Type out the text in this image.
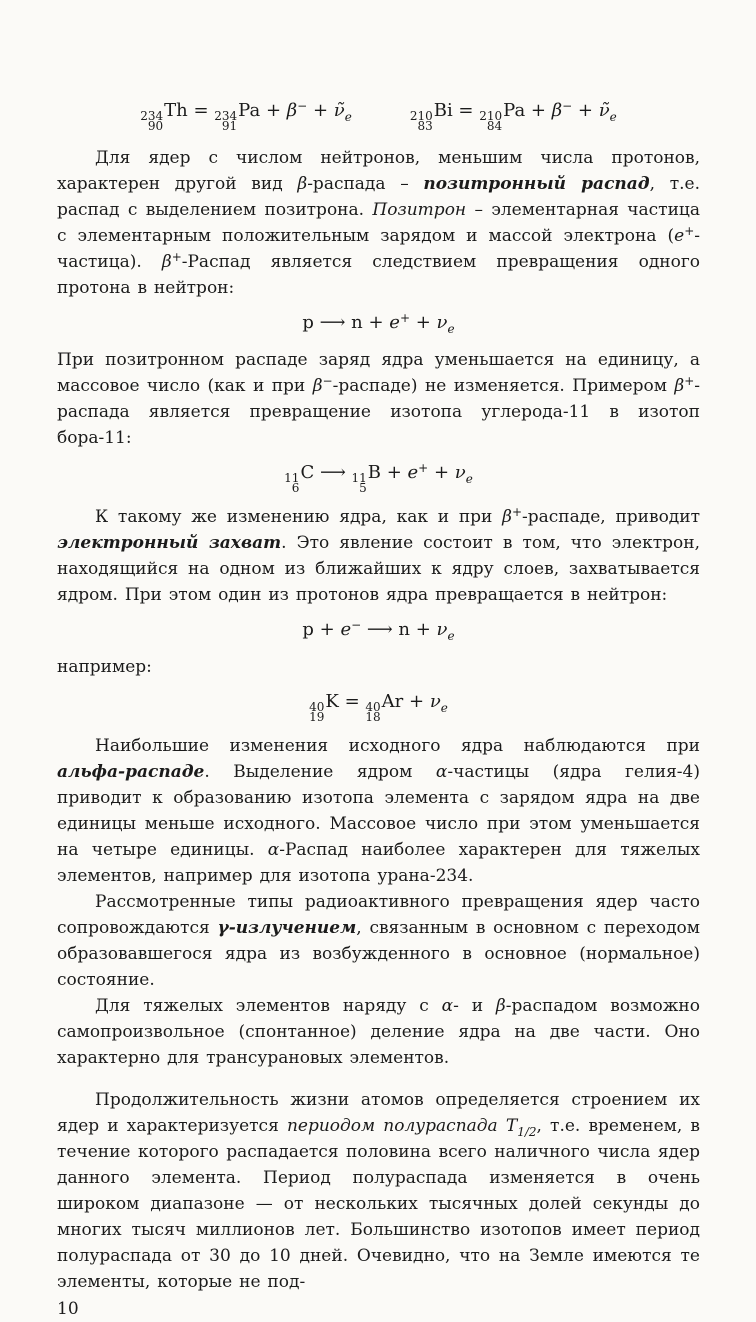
234
90
Th = 234
91
$Pa + \beta^- + \nũ_e$	210
83
Bi = 210
84
$Pa + \beta^- + \nũ_e$

Для ядер с числом нейтронов, меньшим числа протонов, характерен другой вид β-распада – позитронный распад, т.е. распад с выделением позитрона. Позитрон – элементарная частица с элементарным положительным зарядом и массой электрона (e+-частица). β+-Распад является следствием превращения одного протона в нейтрон:

p ⟶ $n + e^+ + \nu_e$

При позитронном распаде заряд ядра уменьшается на единицу, а массовое число (как и при β−-распаде) не изменяется. Примером β+-распада является превращение изотопа углерода-11 в изотоп бора-11:

11
6
C ⟶ 11
5
$B + e^+ + \nu_e$

К такому же изменению ядра, как и при β+-распаде, приводит электронный захват. Это явление состоит в том, что электрон, находящийся на одном из ближайших к ядру слоев, захватывается ядром. При этом один из протонов ядра превращается в нейтрон:

p + e− ⟶ $n + \nu_e$
например:
40
19
K = 40
18
$Ar + \nu_e$

Наибольшие изменения исходного ядра наблюдаются при альфа-распаде. Выделение ядром α-частицы (ядра гелия-4) приводит к образованию изотопа элемента с зарядом ядра на две единицы меньше исходного. Массовое число при этом уменьшается на четыре единицы. α-Распад наиболее характерен для тяжелых элементов, например для изотопа урана-234.

Рассмотренные типы радиоактивного превращения ядер часто сопровождаются γ-излучением, связанным в основном с переходом образовавшегося ядра из возбужденного в основное (нормальное) состояние.

Для тяжелых элементов наряду с α- и β-распадом возможно самопроизвольное (спонтанное) деление ядра на две части. Оно характерно для трансурановых элементов.

Продолжительность жизни атомов определяется строением их ядер и характеризуется периодом полураспада $T_{1/2}$, т.е. временем, в течение которого распадается половина всего наличного числа ядер данного элемента. Период полураспада изменяется в очень широком диапазоне — от нескольких тысячных долей секунды до многих тысяч миллионов лет. Большинство изотопов имеет период полураспада от 30 до 10 дней. Очевидно, что на Земле имеются те элементы, которые не под-

10
